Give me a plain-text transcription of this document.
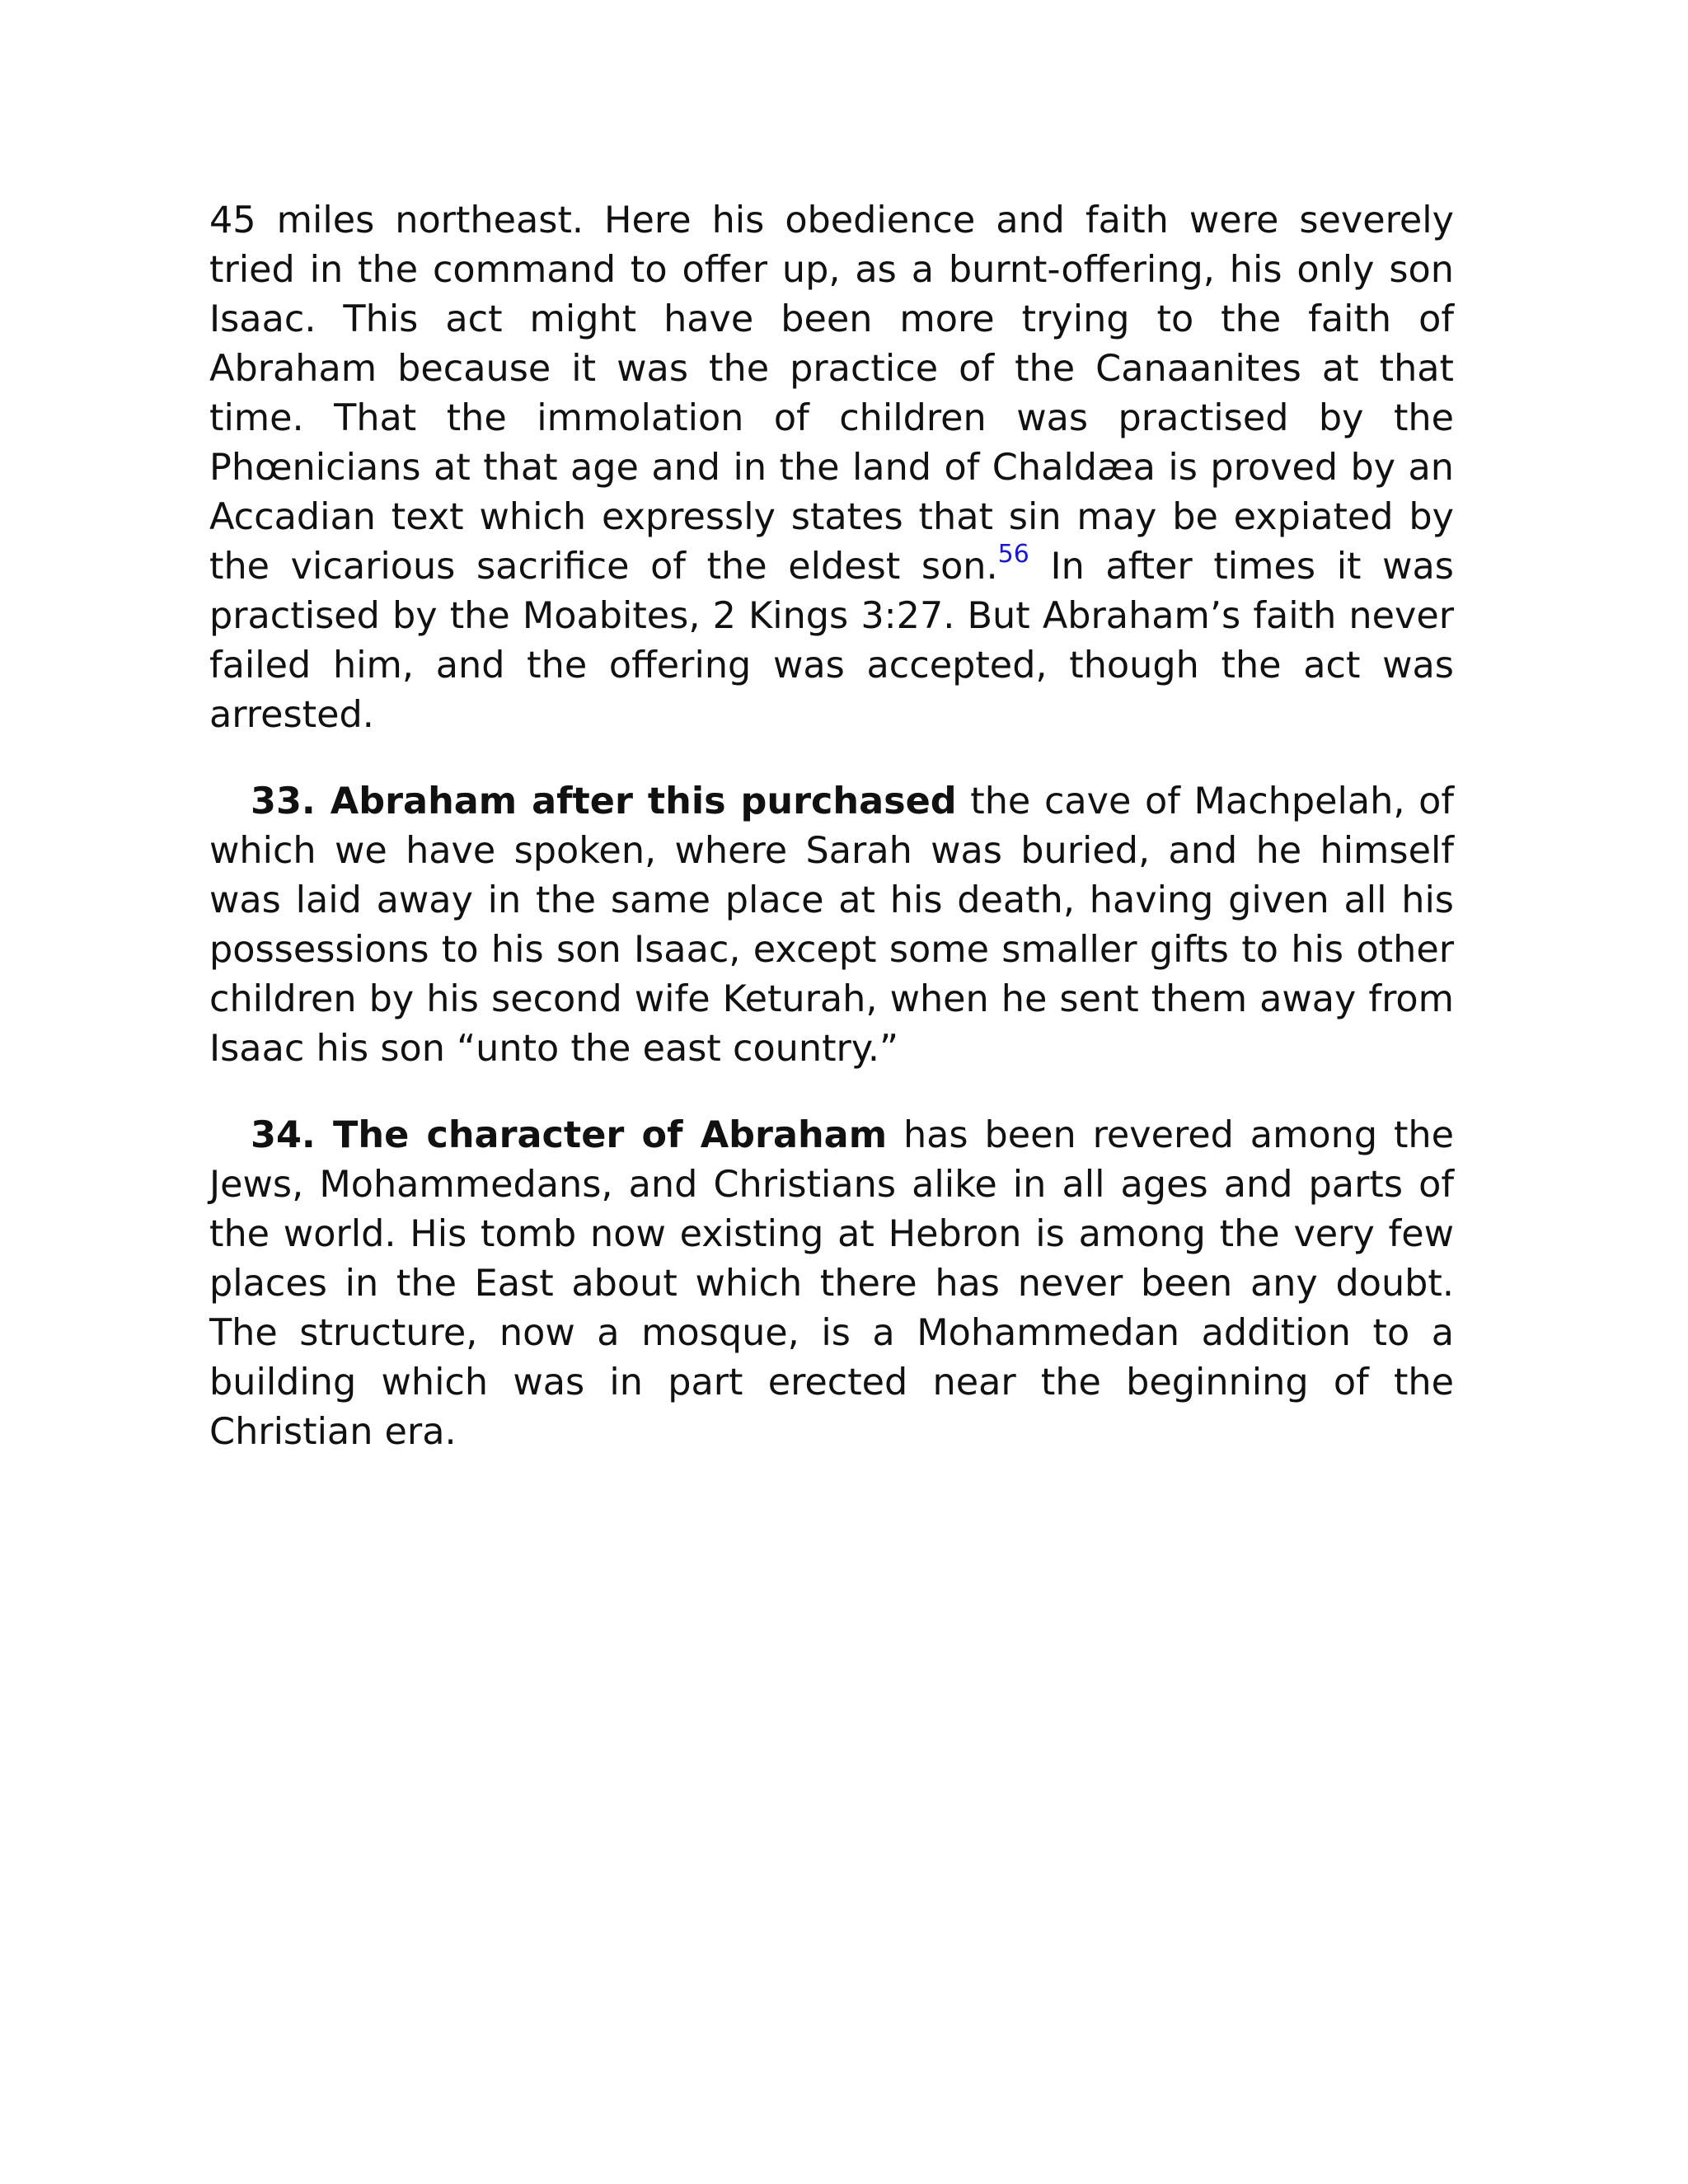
45 miles northeast. Here his obedience and faith were severely tried in the command to offer up, as a burnt-offering, his only son Isaac. This act might have been more trying to the faith of Abraham because it was the practice of the Canaanites at that time. That the immolation of children was practised by the Phœnicians at that age and in the land of Chaldæa is proved by an Accadian text which expressly states that sin may be expiated by the vicarious sacrifice of the eldest son.$^{56}$ In after times it was practised by the Moabites, 2 Kings 3:27. But Abraham’s faith never failed him, and the offering was accepted, though the act was arrested.

33. Abraham after this purchased the cave of Machpelah, of which we have spoken, where Sarah was buried, and he himself was laid away in the same place at his death, having given all his possessions to his son Isaac, except some smaller gifts to his other children by his second wife Keturah, when he sent them away from Isaac his son “unto the east country.”

34. The character of Abraham has been revered among the Jews, Mohammedans, and Christians alike in all ages and parts of the world. His tomb now existing at Hebron is among the very few places in the East about which there has never been any doubt. The structure, now a mosque, is a Mohammedan addition to a building which was in part erected near the beginning of the Christian era.
